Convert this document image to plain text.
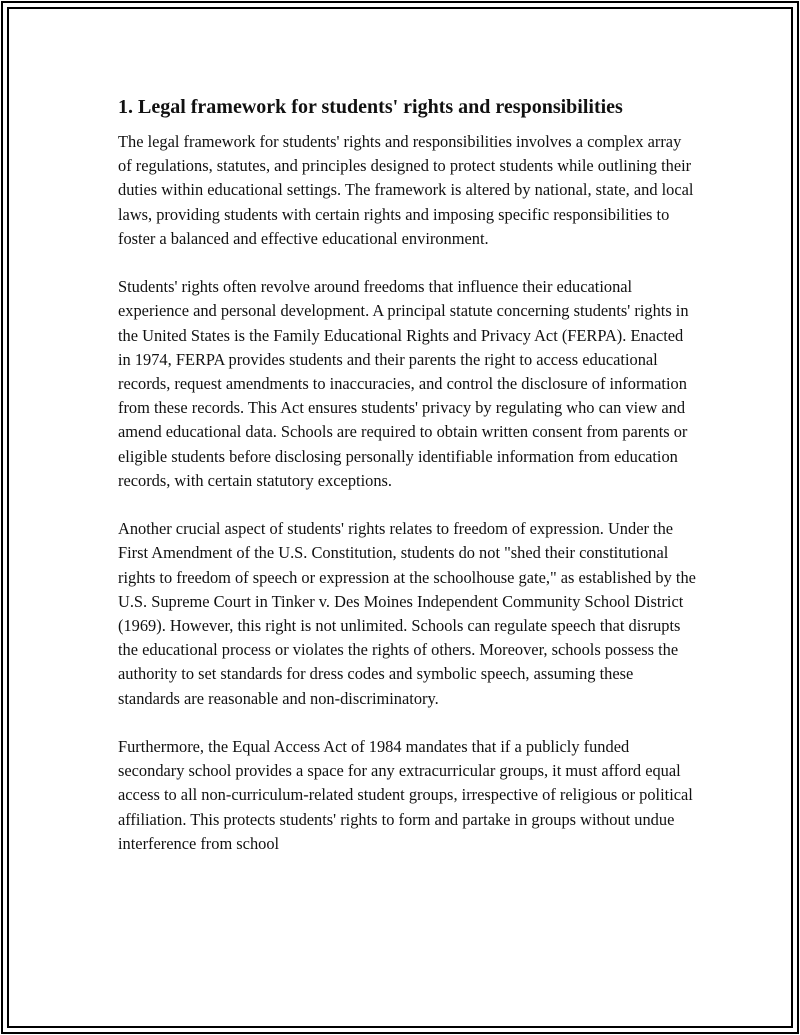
1. Legal framework for students' rights and responsibilities

The legal framework for students' rights and responsibilities involves a complex array of regulations, statutes, and principles designed to protect students while outlining their duties within educational settings. The framework is altered by national, state, and local laws, providing students with certain rights and imposing specific responsibilities to foster a balanced and effective educational environment.

Students' rights often revolve around freedoms that influence their educational experience and personal development. A principal statute concerning students' rights in the United States is the Family Educational Rights and Privacy Act (FERPA). Enacted in 1974, FERPA provides students and their parents the right to access educational records, request amendments to inaccuracies, and control the disclosure of information from these records. This Act ensures students' privacy by regulating who can view and amend educational data. Schools are required to obtain written consent from parents or eligible students before disclosing personally identifiable information from education records, with certain statutory exceptions.

Another crucial aspect of students' rights relates to freedom of expression. Under the First Amendment of the U.S. Constitution, students do not "shed their constitutional rights to freedom of speech or expression at the schoolhouse gate," as established by the U.S. Supreme Court in Tinker v. Des Moines Independent Community School District (1969). However, this right is not unlimited. Schools can regulate speech that disrupts the educational process or violates the rights of others. Moreover, schools possess the authority to set standards for dress codes and symbolic speech, assuming these standards are reasonable and non-discriminatory.

Furthermore, the Equal Access Act of 1984 mandates that if a publicly funded secondary school provides a space for any extracurricular groups, it must afford equal access to all non-curriculum-related student groups, irrespective of religious or political affiliation. This protects students' rights to form and partake in groups without undue interference from school
